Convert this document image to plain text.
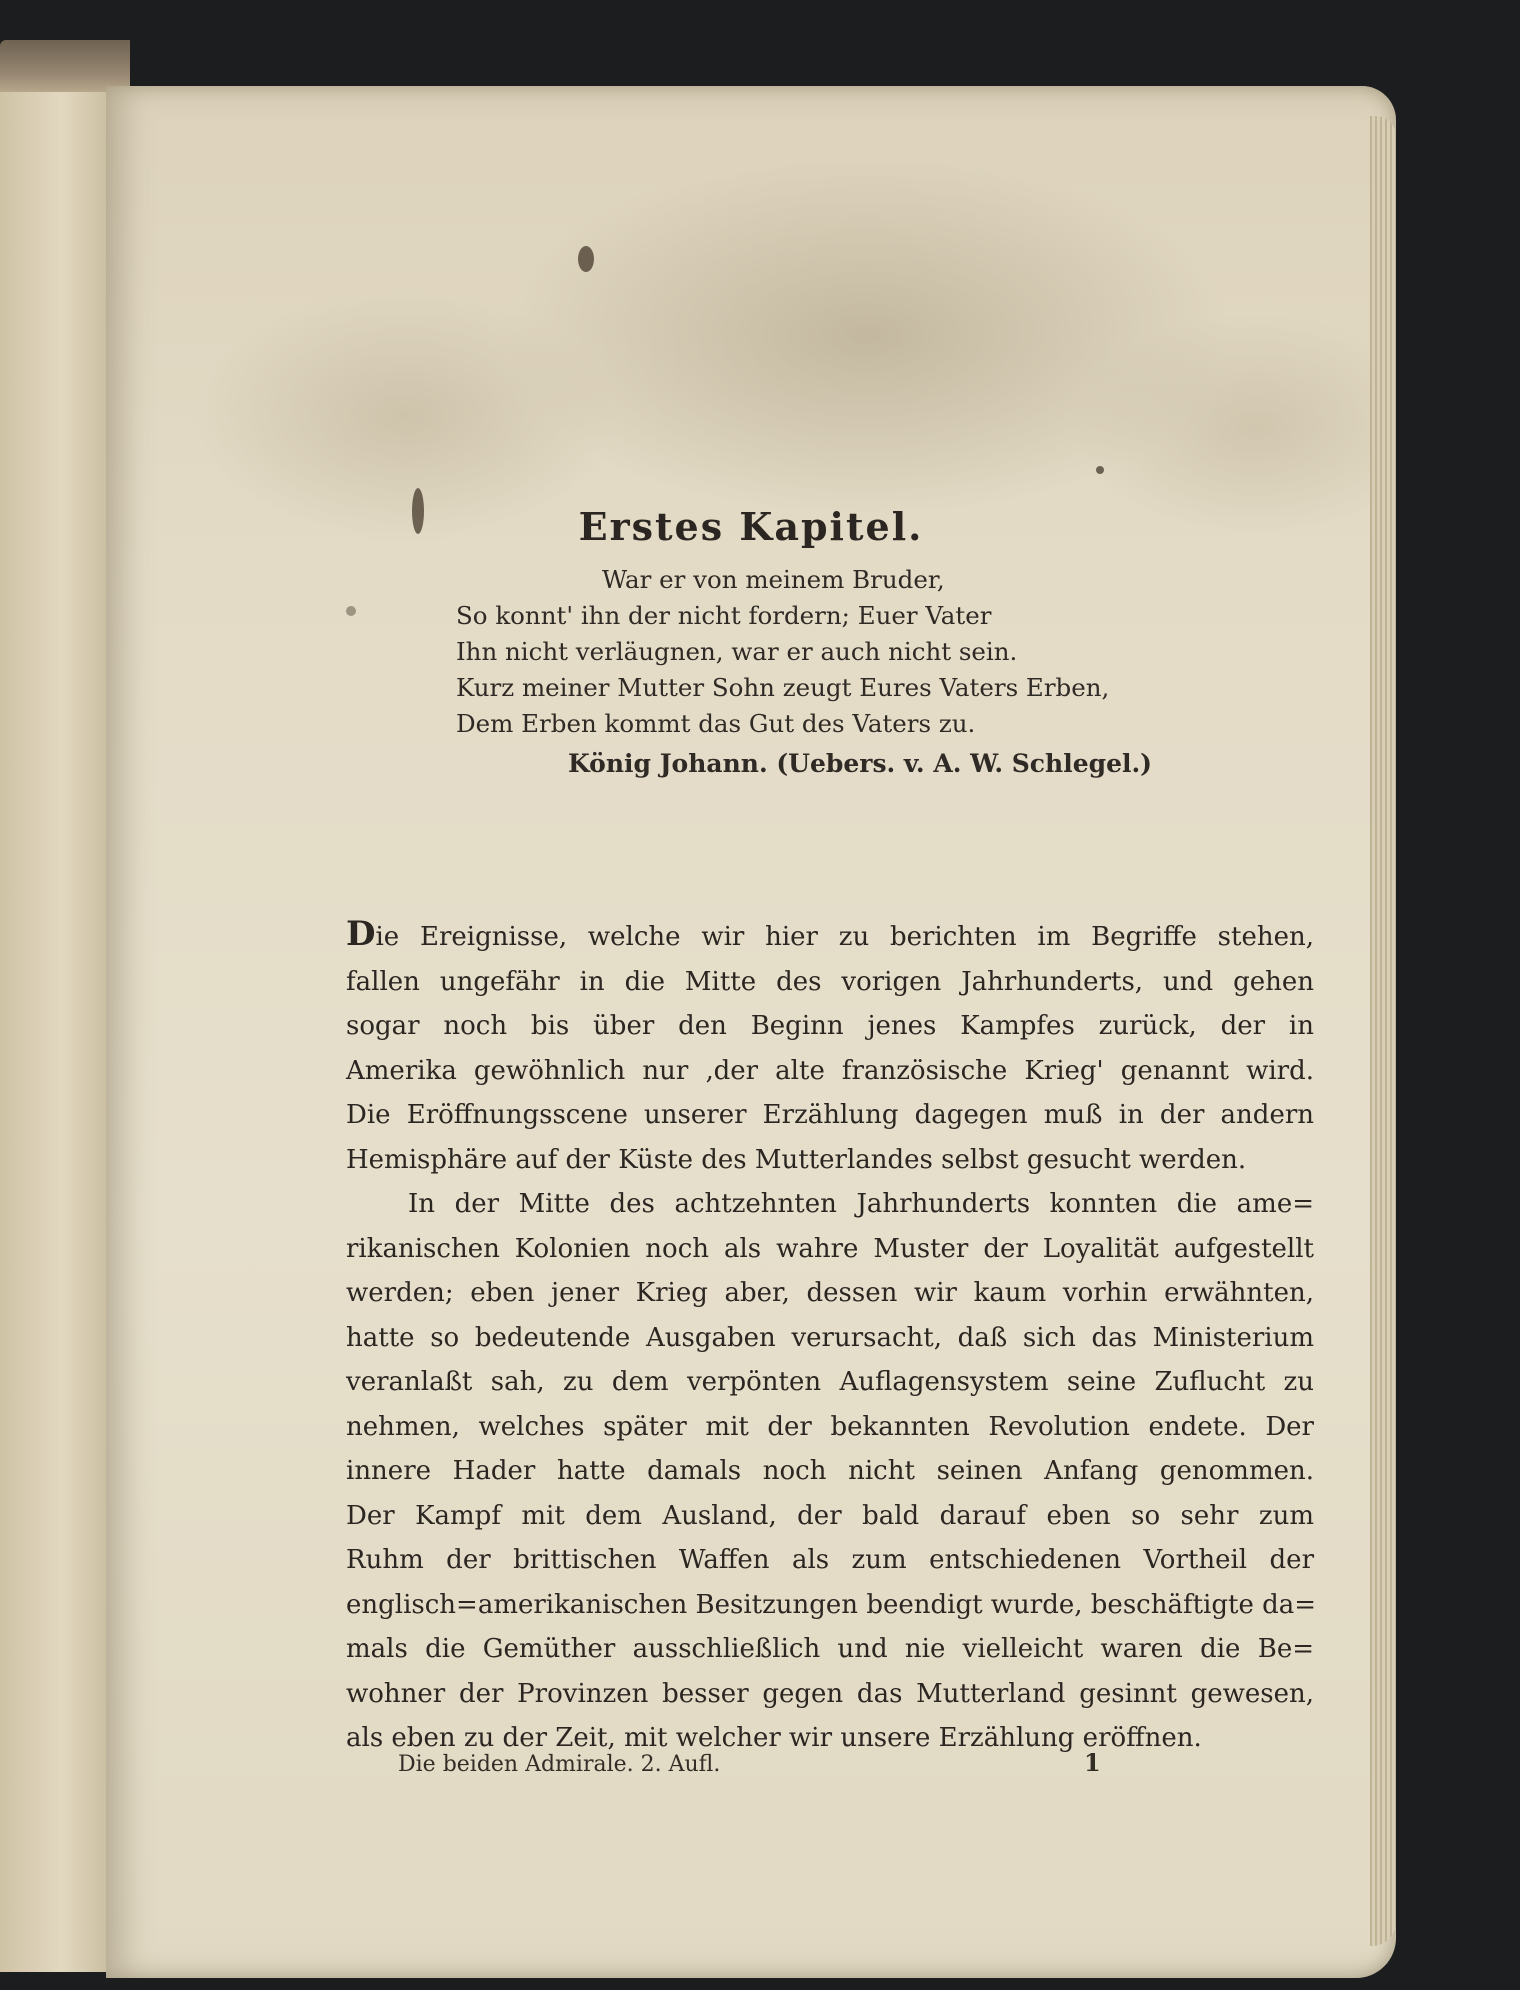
Erstes Kapitel.
War er von meinem Bruder,
So konnt' ihn der nicht fordern; Euer Vater
Ihn nicht verläugnen, war er auch nicht sein.
Kurz meiner Mutter Sohn zeugt Eures Vaters Erben,
Dem Erben kommt das Gut des Vaters zu.
König Johann. (Uebers. v. A. W. Schlegel.)
Die Ereignisse, welche wir hier zu berichten im Begriffe stehen,
fallen ungefähr in die Mitte des vorigen Jahrhunderts, und gehen
sogar noch bis über den Beginn jenes Kampfes zurück, der in
Amerika gewöhnlich nur ‚der alte französische Krieg' genannt wird.
Die Eröffnungsscene unserer Erzählung dagegen muß in der andern
Hemisphäre auf der Küste des Mutterlandes selbst gesucht werden.
In der Mitte des achtzehnten Jahrhunderts konnten die ame=
rikanischen Kolonien noch als wahre Muster der Loyalität aufgestellt
werden; eben jener Krieg aber, dessen wir kaum vorhin erwähnten,
hatte so bedeutende Ausgaben verursacht, daß sich das Ministerium
veranlaßt sah, zu dem verpönten Auflagensystem seine Zuflucht zu
nehmen, welches später mit der bekannten Revolution endete. Der
innere Hader hatte damals noch nicht seinen Anfang genommen.
Der Kampf mit dem Ausland, der bald darauf eben so sehr zum
Ruhm der brittischen Waffen als zum entschiedenen Vortheil der
englisch=amerikanischen Besitzungen beendigt wurde, beschäftigte da=
mals die Gemüther ausschließlich und nie vielleicht waren die Be=
wohner der Provinzen besser gegen das Mutterland gesinnt gewesen,
als eben zu der Zeit, mit welcher wir unsere Erzählung eröffnen.
Die beiden Admirale. 2. Aufl.	1
